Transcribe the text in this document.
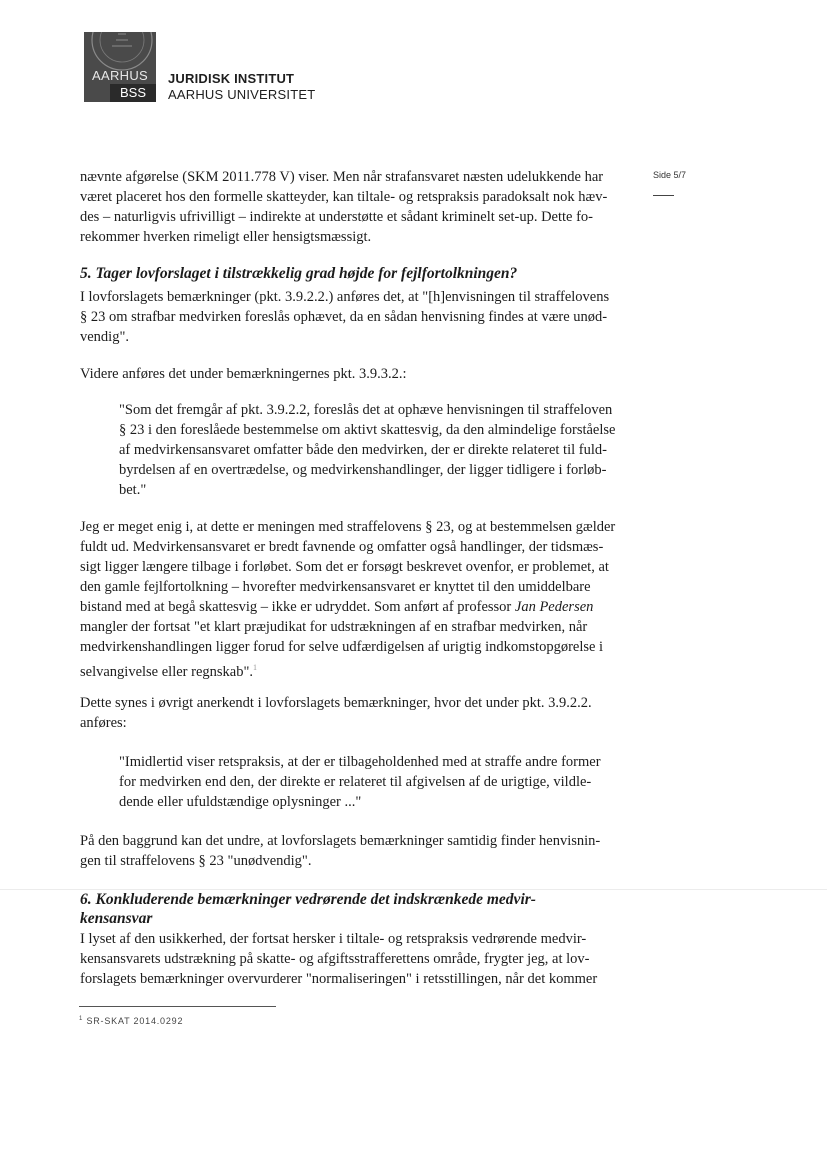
AARHUS
BSS
JURIDISK INSTITUT
AARHUS UNIVERSITET
Side 5/7
nævnte afgørelse (SKM 2011.778 V) viser. Men når strafansvaret næsten udelukkende har
været placeret hos den formelle skatteyder, kan tiltale- og retspraksis paradoksalt nok hæv-
des – naturligvis ufrivilligt – indirekte at understøtte et sådant kriminelt set-up. Dette fo-
rekommer hverken rimeligt eller hensigtsmæssigt.
5. Tager lovforslaget i tilstrækkelig grad højde for fejlfortolkningen?
I lovforslagets bemærkninger (pkt. 3.9.2.2.) anføres det, at "[h]envisningen til straffelovens
§ 23 om strafbar medvirken foreslås ophævet, da en sådan henvisning findes at være unød-
vendig".
Videre anføres det under bemærkningernes pkt. 3.9.3.2.:
"Som det fremgår af pkt. 3.9.2.2, foreslås det at ophæve henvisningen til straffeloven
§ 23 i den foreslåede bestemmelse om aktivt skattesvig, da den almindelige forståelse
af medvirkensansvaret omfatter både den medvirken, der er direkte relateret til fuld-
byrdelsen af en overtrædelse, og medvirkenshandlinger, der ligger tidligere i forløb-
bet."
Jeg er meget enig i, at dette er meningen med straffelovens § 23, og at bestemmelsen gælder
fuldt ud. Medvirkensansvaret er bredt favnende og omfatter også handlinger, der tidsmæs-
sigt ligger længere tilbage i forløbet. Som det er forsøgt beskrevet ovenfor, er problemet, at
den gamle fejlfortolkning – hvorefter medvirkensansvaret er knyttet til den umiddelbare
bistand med at begå skattesvig – ikke er udryddet. Som anført af professor Jan Pedersen
mangler der fortsat "et klart præjudikat for udstrækningen af en strafbar medvirken, når
medvirkenshandlingen ligger forud for selve udfærdigelsen af urigtig indkomstopgørelse i
selvangivelse eller regnskab".$^1$
Dette synes i øvrigt anerkendt i lovforslagets bemærkninger, hvor det under pkt. 3.9.2.2.
anføres:
"Imidlertid viser retspraksis, at der er tilbageholdenhed med at straffe andre former
for medvirken end den, der direkte er relateret til afgivelsen af de urigtige, vildle-
dende eller ufuldstændige oplysninger ..."
På den baggrund kan det undre, at lovforslagets bemærkninger samtidig finder henvisnin-
gen til straffelovens § 23 "unødvendig".
6. Konkluderende bemærkninger vedrørende det indskrænkede medvir-
kensansvar
I lyset af den usikkerhed, der fortsat hersker i tiltale- og retspraksis vedrørende medvir-
kensansvarets udstrækning på skatte- og afgiftsstrafferettens område, frygter jeg, at lov-
forslagets bemærkninger overvurderer "normaliseringen" i retsstillingen, når det kommer
$^1$ SR-SKAT 2014.0292
